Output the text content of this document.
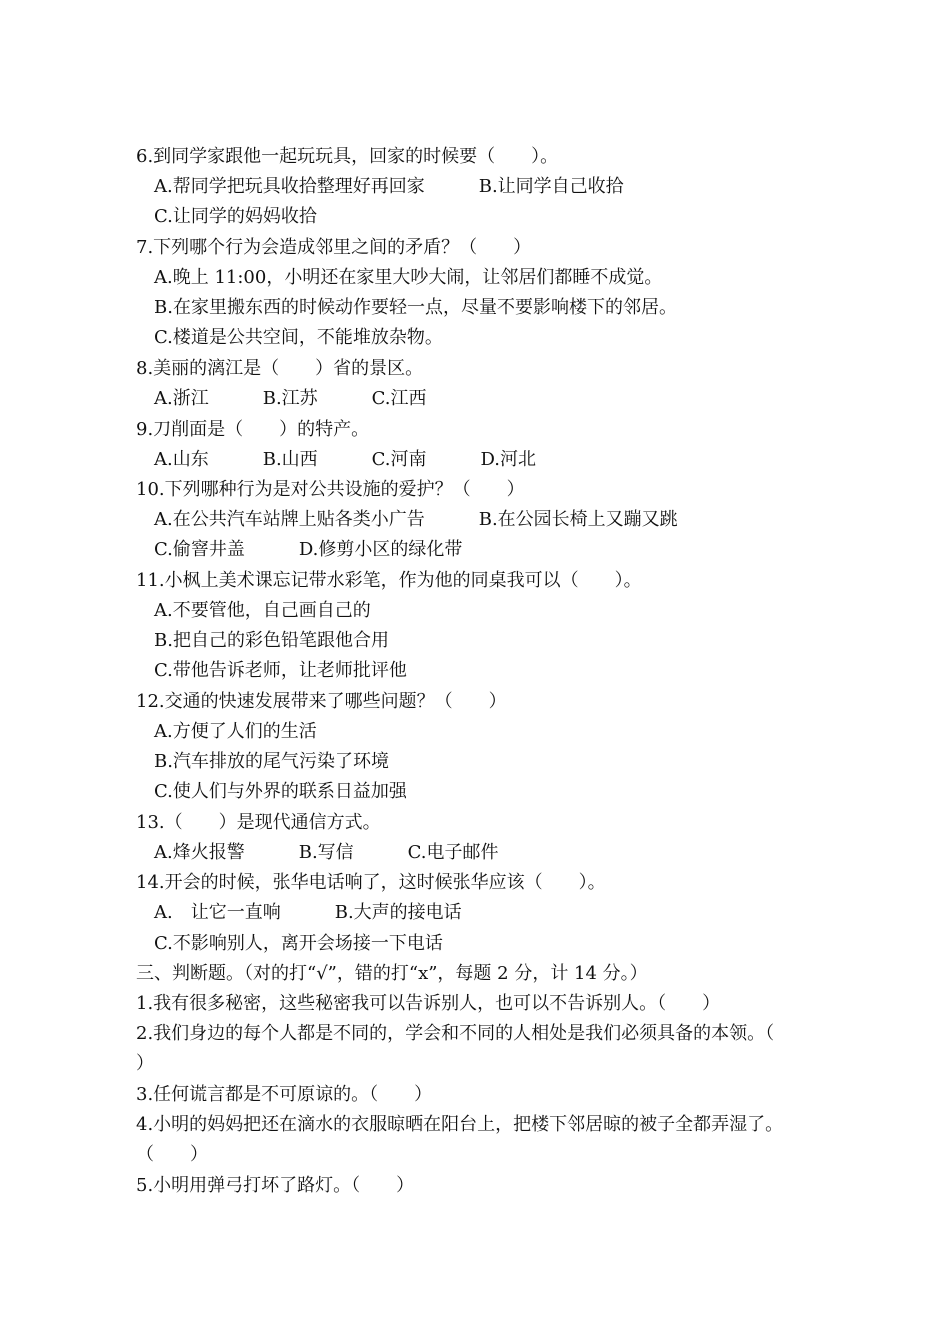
6.到同学家跟他一起玩玩具，回家的时候要（　　）。
A.帮同学把玩具收拾整理好再回家　　　B.让同学自己收拾
C.让同学的妈妈收拾
7.下列哪个行为会造成邻里之间的矛盾？（　　）
A.晚上 11:00，小明还在家里大吵大闹，让邻居们都睡不成觉。
B.在家里搬东西的时候动作要轻一点，尽量不要影响楼下的邻居。
C.楼道是公共空间，不能堆放杂物。
8.美丽的漓江是（　　）省的景区。
A.浙江　　　B.江苏　　　C.江西
9.刀削面是（　　）的特产。
A.山东　　　B.山西　　　C.河南　　　D.河北
10.下列哪种行为是对公共设施的爱护？（　　）
A.在公共汽车站牌上贴各类小广告　　　B.在公园长椅上又蹦又跳
C.偷窨井盖　　　D.修剪小区的绿化带
11.小枫上美术课忘记带水彩笔，作为他的同桌我可以（　　）。
A.不要管他，自己画自己的
B.把自己的彩色铅笔跟他合用
C.带他告诉老师，让老师批评他
12.交通的快速发展带来了哪些问题？（　　）
A.方便了人们的生活
B.汽车排放的尾气污染了环境
C.使人们与外界的联系日益加强
13.（　　）是现代通信方式。
A.烽火报警　　　B.写信　　　C.电子邮件
14.开会的时候，张华电话响了，这时候张华应该（　　）。
A.　让它一直响　　　B.大声的接电话
C.不影响别人，离开会场接一下电话
三、判断题。（对的打“√”，错的打“x”，每题 2 分，计 14 分。）
1.我有很多秘密，这些秘密我可以告诉别人，也可以不告诉别人。（　　）
2.我们身边的每个人都是不同的，学会和不同的人相处是我们必须具备的本领。（
）
3.任何谎言都是不可原谅的。（　　）
4.小明的妈妈把还在滴水的衣服晾晒在阳台上，把楼下邻居晾的被子全都弄湿了。
（　　）
5.小明用弹弓打坏了路灯。（　　）
